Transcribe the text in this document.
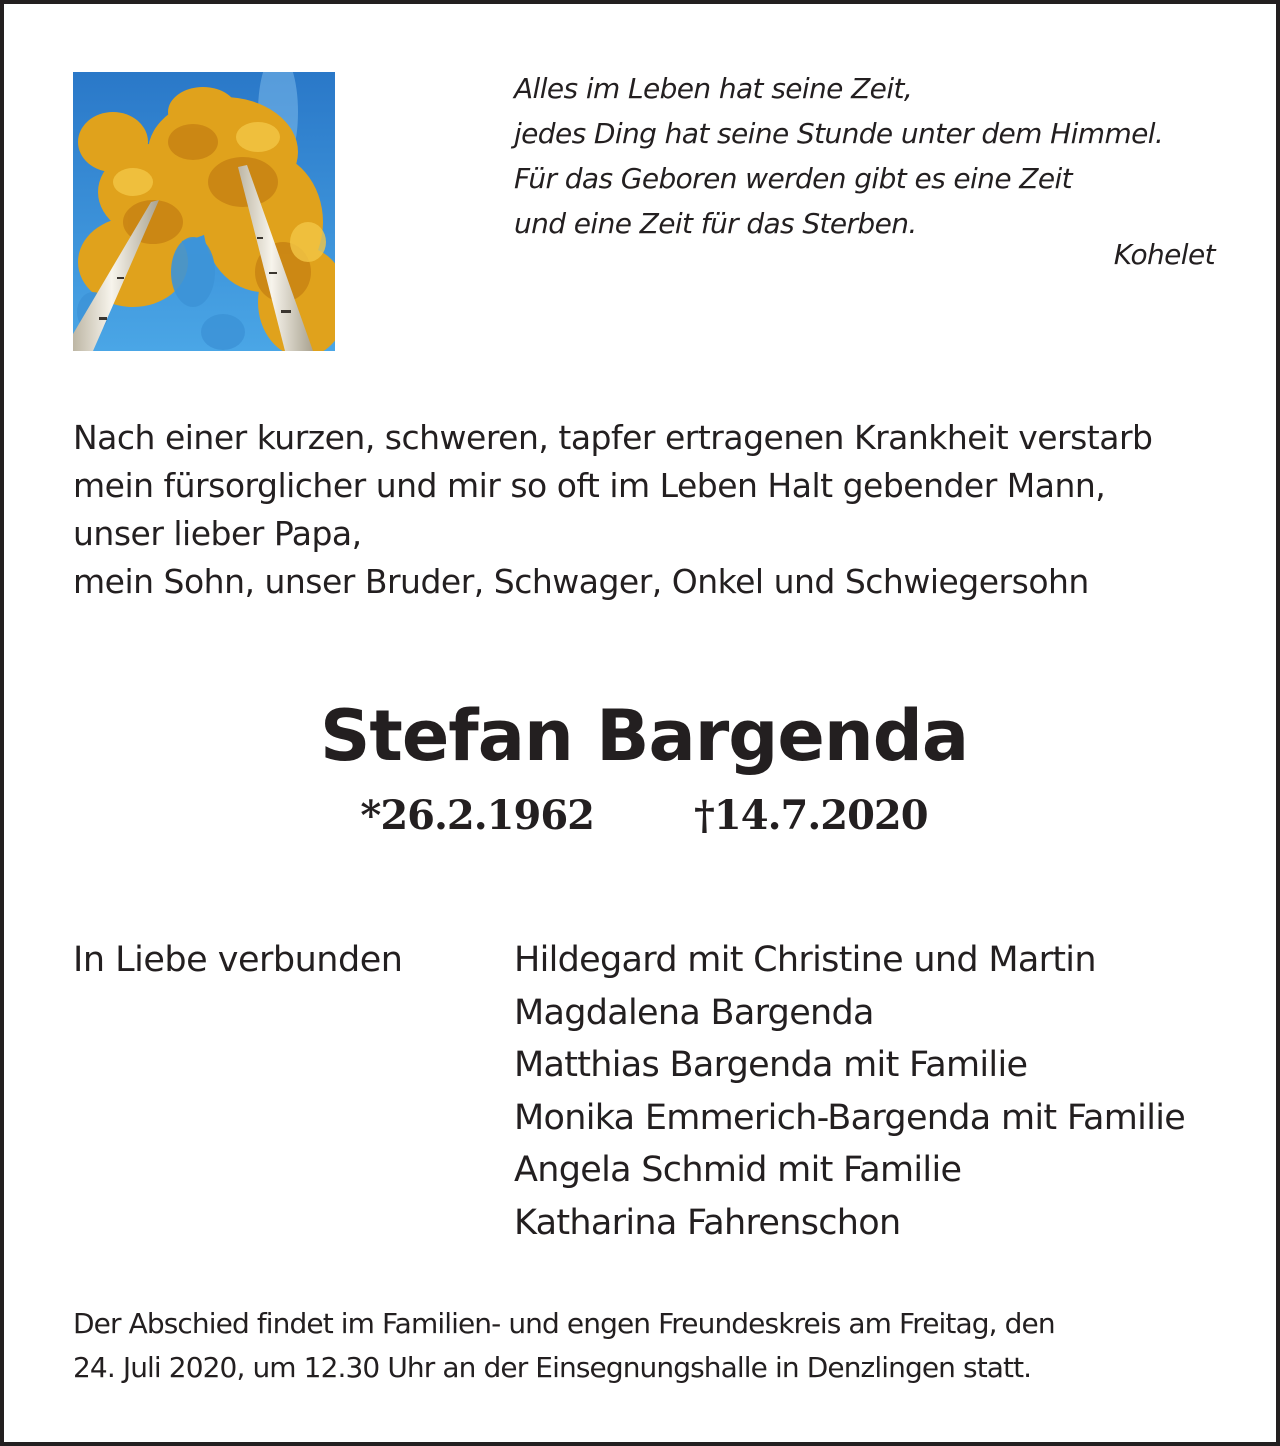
Alles im Leben hat seine Zeit,
jedes Ding hat seine Stunde unter dem Himmel.
Für das Geboren werden gibt es eine Zeit
und eine Zeit für das Sterben.
Kohelet
Nach einer kurzen, schweren, tapfer ertragenen Krankheit verstarb
mein fürsorglicher und mir so oft im Leben Halt gebender Mann,
unser lieber Papa,
mein Sohn, unser Bruder, Schwager, Onkel und Schwiegersohn
Stefan Bargenda
*26.2.1962	†14.7.2020
In Liebe verbunden	Hildegard mit Christine und Martin
Magdalena Bargenda
Matthias Bargenda mit Familie
Monika Emmerich-Bargenda mit Familie
Angela Schmid mit Familie
Katharina Fahrenschon
Der Abschied findet im Familien- und engen Freundeskreis am Freitag, den
24. Juli 2020, um 12.30 Uhr an der Einsegnungshalle in Denzlingen statt.
